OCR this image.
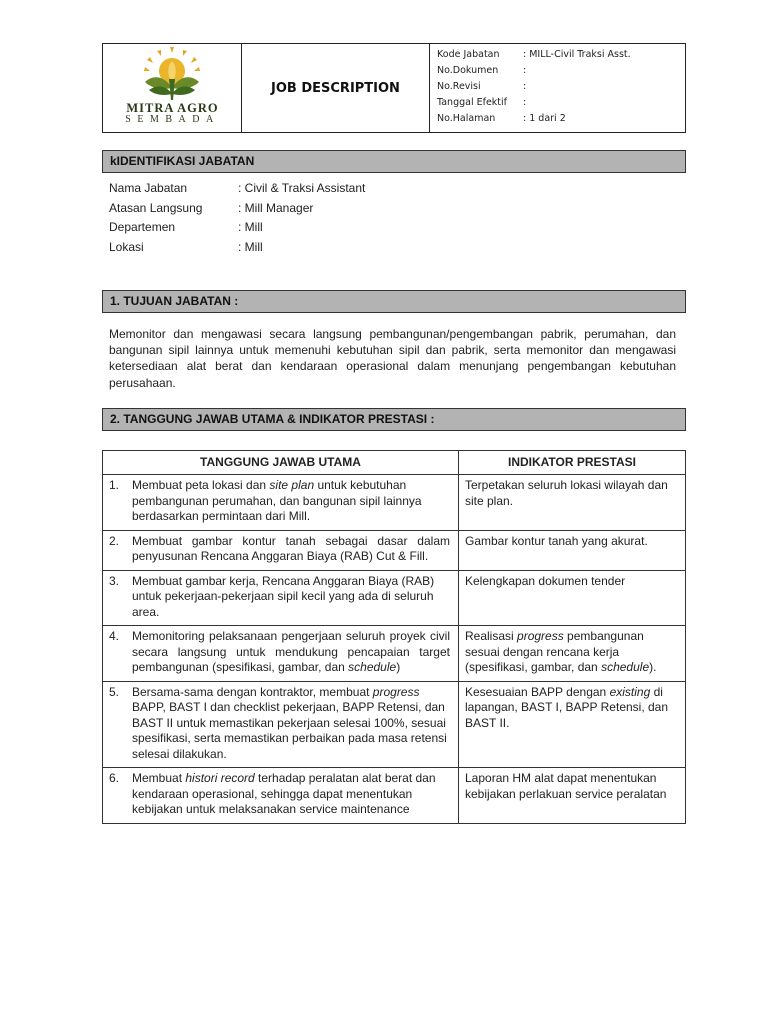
MITRA AGRO
SEMBADA
JOB DESCRIPTION
Kode Jabatan	: MILL-Civil Traksi Asst.
No.Dokumen	:
No.Revisi	:
Tanggal Efektif	:
No.Halaman	: 1 dari 2
kIDENTIFIKASI JABATAN
Nama Jabatan	: Civil & Traksi Assistant
Atasan Langsung	: Mill Manager
Departemen	: Mill
Lokasi	: Mill
1. TUJUAN JABATAN :
Memonitor dan mengawasi secara langsung pembangunan/pengembangan pabrik, perumahan, dan bangunan sipil lainnya untuk memenuhi kebutuhan sipil dan pabrik, serta memonitor dan mengawasi ketersediaan alat berat dan kendaraan operasional dalam menunjang pengembangan kebutuhan perusahaan.
2. TANGGUNG JAWAB UTAMA & INDIKATOR PRESTASI :
TANGGUNG JAWAB UTAMA	INDIKATOR PRESTASI
1. Membuat peta lokasi dan site plan untuk kebutuhan pembangunan perumahan, dan bangunan sipil lainnya berdasarkan permintaan dari Mill.	Terpetakan seluruh lokasi wilayah dan site plan.
2. Membuat gambar kontur tanah sebagai dasar dalam penyusunan Rencana Anggaran Biaya (RAB) Cut & Fill.	Gambar kontur tanah yang akurat.

3. Membuat gambar kerja, Rencana Anggaran Biaya (RAB) untuk pekerjaan-pekerjaan sipil kecil yang ada di seluruh area.	Kelengkapan dokumen tender
4. Memonitoring pelaksanaan pengerjaan seluruh proyek civil secara langsung untuk mendukung pencapaian target pembangunan (spesifikasi, gambar, dan schedule)	Realisasi progress pembangunan sesuai dengan rencana kerja (spesifikasi, gambar, dan schedule).
5. Bersama-sama dengan kontraktor, membuat progress BAPP, BAST I dan checklist pekerjaan, BAPP Retensi, dan BAST II untuk memastikan pekerjaan selesai 100%, sesuai spesifikasi, serta memastikan perbaikan pada masa retensi selesai dilakukan.	Kesesuaian BAPP dengan existing di lapangan, BAST I, BAPP Retensi, dan BAST II.
6. Membuat histori record terhadap peralatan alat berat dan kendaraan operasional, sehingga dapat menentukan kebijakan untuk melaksanakan service maintenance	Laporan HM alat dapat menentukan kebijakan perlakuan service peralatan
